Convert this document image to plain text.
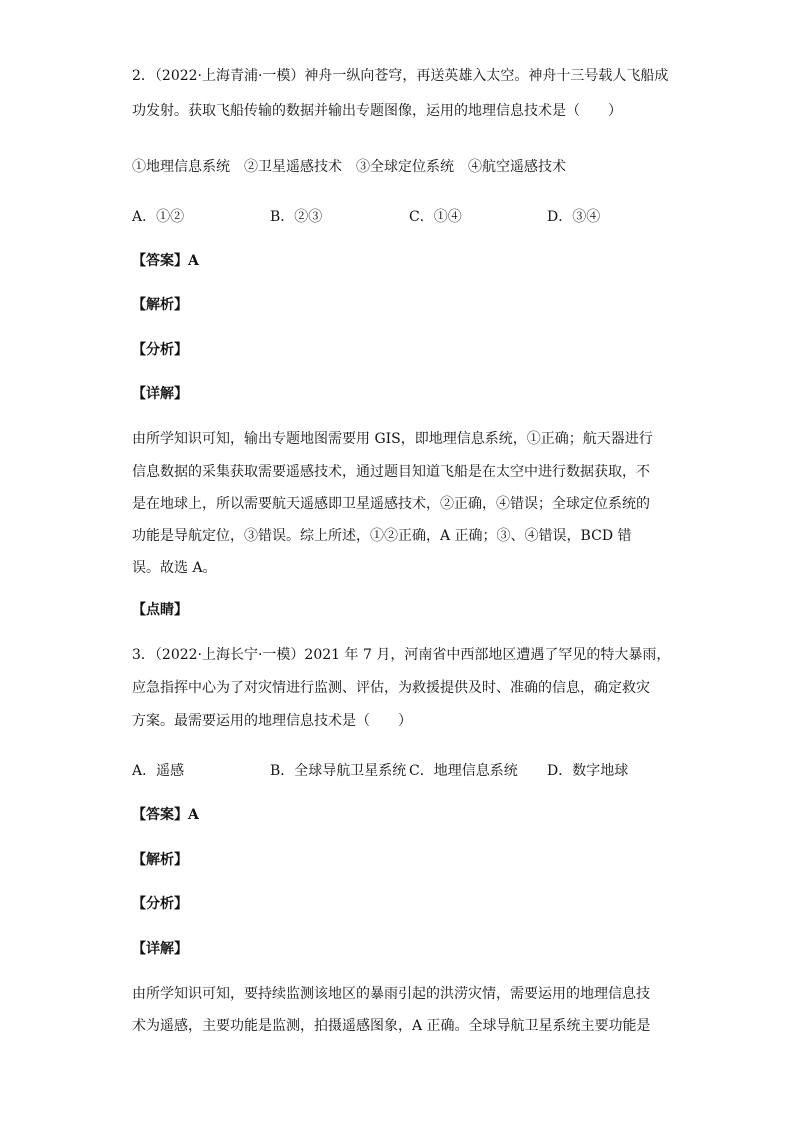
2．（2022·上海青浦·一模）神舟一纵向苍穹，再送英雄入太空。神舟十三号载人飞船成
功发射。获取飞船传输的数据并输出专题图像，运用的地理信息技术是（　　）
①地理信息系统　②卫星遥感技术　③全球定位系统　④航空遥感技术
A．①②	B．②③	C．①④	D．③④
【答案】A
【解析】
【分析】
【详解】
由所学知识可知，输出专题地图需要用 GIS，即地理信息系统，①正确；航天器进行
信息数据的采集获取需要遥感技术，通过题目知道飞船是在太空中进行数据获取，不
是在地球上，所以需要航天遥感即卫星遥感技术，②正确，④错误；全球定位系统的
功能是导航定位，③错误。综上所述，①②正确，A 正确；③、④错误，BCD 错
误。故选 A。
【点睛】
3．（2022·上海长宁·一模）2021 年 7 月，河南省中西部地区遭遇了罕见的特大暴雨，
应急指挥中心为了对灾情进行监测、评估，为救援提供及时、准确的信息，确定救灾
方案。最需要运用的地理信息技术是（　　）
A．遥感	B．全球导航卫星系统 C．地理信息系统 D．数字地球
【答案】A
【解析】
【分析】
【详解】
由所学知识可知，要持续监测该地区的暴雨引起的洪涝灾情，需要运用的地理信息技
术为遥感，主要功能是监测，拍摄遥感图象，A 正确。全球导航卫星系统主要功能是
